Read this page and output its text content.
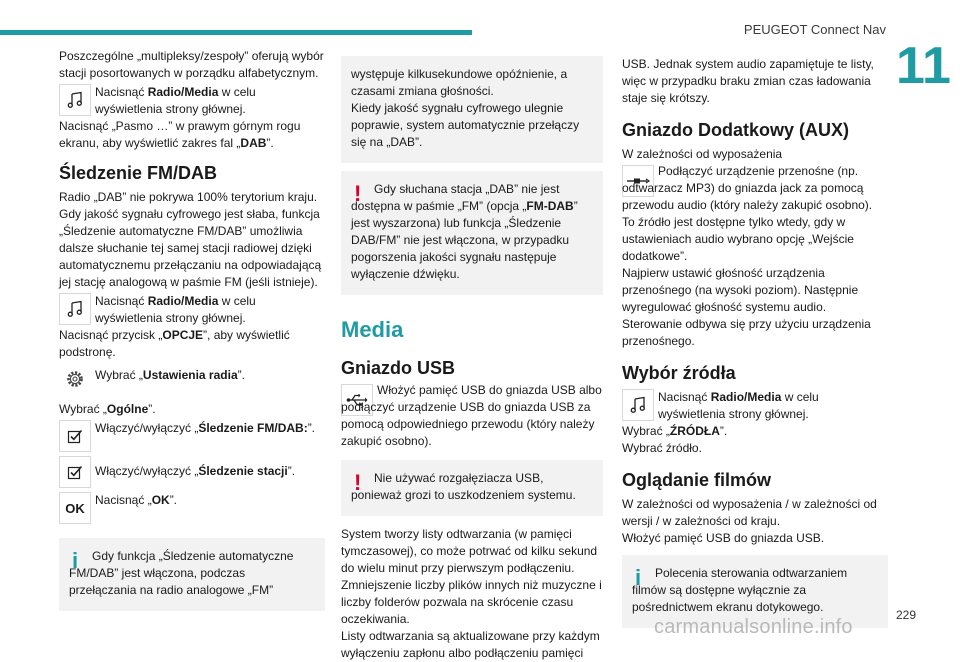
PEUGEOT Connect Nav
11

Poszczególne „multipleksy/zespoły” oferują wybór stacji posortowanych w porządku alfabetycznym.

Nacisnąć Radio/Media w celu wyświetlenia strony głównej.

Nacisnąć „Pasmo …” w prawym górnym rogu ekranu, aby wyświetlić zakres fal „DAB”.

Śledzenie FM/DAB

Radio „DAB” nie pokrywa 100% terytorium kraju. Gdy jakość sygnału cyfrowego jest słaba, funkcja „Śledzenie automatyczne FM/DAB” umożliwia dalsze słuchanie tej samej stacji radiowej dzięki automatycznemu przełączaniu na odpowiadającą jej stację analogową w paśmie FM (jeśli istnieje).

Nacisnąć Radio/Media w celu wyświetlenia strony głównej.

Nacisnąć przycisk „OPCJE”, aby wyświetlić podstronę.

Wybrać „Ustawienia radia”.

Wybrać „Ogólne”.

Włączyć/wyłączyć „Śledzenie FM/DAB:”.
Włączyć/wyłączyć „Śledzenie stacji”.
OK
Nacisnąć „OK”.
i	Gdy funkcja „Śledzenie automatyczne FM/DAB” jest włączona, podczas przełączania na radio analogowe „FM”

występuje kilkusekundowe opóźnienie, a czasami zmiana głośności.
Kiedy jakość sygnału cyfrowego ulegnie poprawie, system automatycznie przełączy się na „DAB”.

!	Gdy słuchana stacja „DAB” nie jest dostępna w paśmie „FM” (opcja „FM-DAB” jest wyszarzona) lub funkcja „Śledzenie DAB/FM” nie jest włączona, w przypadku pogorszenia jakości sygnału następuje wyłączenie dźwięku.

Media
Gniazdo USB

Włożyć pamięć USB do gniazda USB albo podłączyć urządzenie USB do gniazda USB za pomocą odpowiedniego przewodu (który należy zakupić osobno).

!	Nie używać rozgałęziacza USB, ponieważ grozi to uszkodzeniem systemu.

System tworzy listy odtwarzania (w pamięci tymczasowej), co może potrwać od kilku sekund do wielu minut przy pierwszym podłączeniu.
Zmniejszenie liczby plików innych niż muzyczne i liczby folderów pozwala na skrócenie czasu oczekiwania.
Listy odtwarzania są aktualizowane przy każdym wyłączeniu zapłonu albo podłączeniu pamięci

USB. Jednak system audio zapamiętuje te listy, więc w przypadku braku zmian czas ładowania staje się krótszy.

Gniazdo Dodatkowy (AUX)

W zależności od wyposażenia

Podłączyć urządzenie przenośne (np. odtwarzacz MP3) do gniazda jack za pomocą przewodu audio (który należy zakupić osobno).

To źródło jest dostępne tylko wtedy, gdy w ustawieniach audio wybrano opcję „Wejście dodatkowe”.
Najpierw ustawić głośność urządzenia przenośnego (na wysoki poziom). Następnie wyregulować głośność systemu audio.
Sterowanie odbywa się przy użyciu urządzenia przenośnego.

Wybór źródła
Nacisnąć Radio/Media w celu wyświetlenia strony głównej.

Wybrać „ŹRÓDŁA”.
Wybrać źródło.

Oglądanie filmów

W zależności od wyposażenia / w zależności od wersji / w zależności od kraju.
Włożyć pamięć USB do gniazda USB.

i	Polecenia sterowania odtwarzaniem filmów są dostępne wyłącznie za pośrednictwem ekranu dotykowego.

carmanualsonline.info
229
